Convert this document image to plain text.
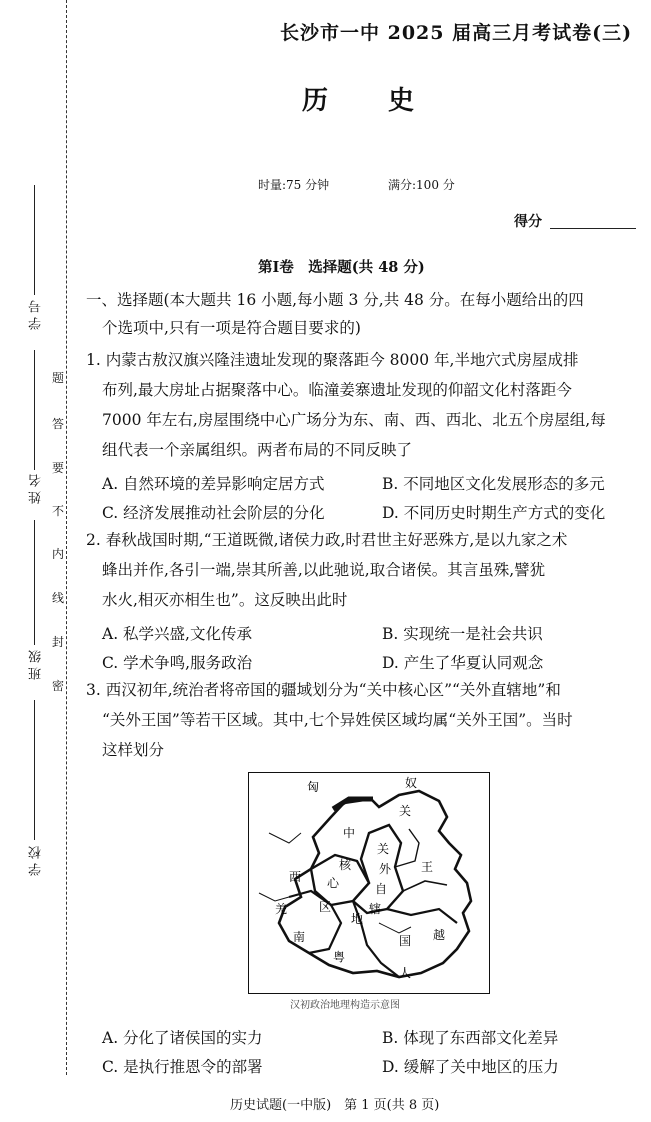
学 号
姓 名
班 级
学 校
题
答
要
不
内
线
封
密
长沙市一中 2025 届高三月考试卷(三)
历史
时量:75 分钟	满分:100 分
得分
第Ⅰ卷　选择题(共 48 分)
一、选择题(本大题共 16 小题,每小题 3 分,共 48 分。在每小题给出的四
个选项中,只有一项是符合题目要求的)
1. 内蒙古敖汉旗兴隆洼遗址发现的聚落距今 8000 年,半地穴式房屋成排
布列,最大房址占据聚落中心。临潼姜寨遗址发现的仰韶文化村落距今
7000 年左右,房屋围绕中心广场分为东、南、西、西北、北五个房屋组,每
组代表一个亲属组织。两者布局的不同反映了
A. 自然环境的差异影响定居方式	B. 不同地区文化发展形态的多元
C. 经济发展推动社会阶层的分化	D. 不同历史时期生产方式的变化
2. 春秋战国时期,“王道既微,诸侯力政,时君世主好恶殊方,是以九家之术
蜂出并作,各引一端,崇其所善,以此驰说,取合诸侯。其言虽殊,譬犹
水火,相灭亦相生也”。这反映出此时
A. 私学兴盛,文化传承	B. 实现统一是社会共识
C. 学术争鸣,服务政治	D. 产生了华夏认同观念
3. 西汉初年,统治者将帝国的疆域划分为“关中核心区”“关外直辖地”和
“关外王国”等若干区域。其中,七个异姓侯区域均属“关外王国”。当时
这样划分
匈	奴
关
中
核
关
外
西 心	自
区
王
羌	辖
南
地
国 越
粤
人
汉初政治地理构造示意图
A. 分化了诸侯国的实力	B. 体现了东西部文化差异
C. 是执行推恩令的部署	D. 缓解了关中地区的压力
历史试题(一中版)　第 1 页(共 8 页)
